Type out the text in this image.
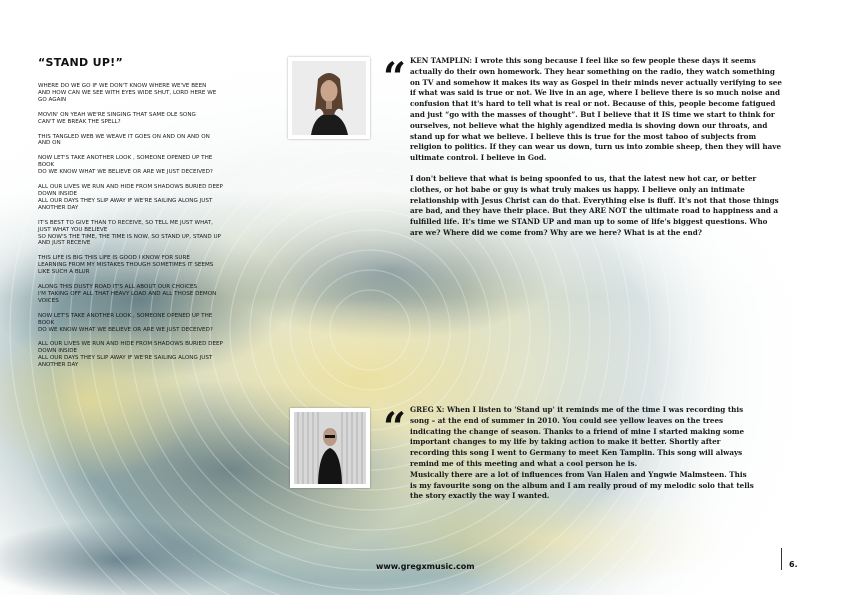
“STAND UP!”

WHERE DO WE GO IF WE DON'T KNOW WHERE WE'VE BEEN
AND HOW CAN WE SEE WITH EYES WIDE SHUT, LORD HERE WE GO AGAIN

MOVIN' ON YEAH WE'RE SINGING THAT SAME OLE SONG
CAN'T WE BREAK THE SPELL?

THIS TANGLED WEB WE WEAVE IT GOES ON AND ON AND ON AND ON

NOW LET'S TAKE ANOTHER LOOK , SOMEONE OPENED UP THE BOOK
DO WE KNOW WHAT WE BELIEVE OR ARE WE JUST DECEIVED?

ALL OUR LIVES WE RUN AND HIDE FROM SHADOWS BURIED DEEP DOWN INSIDE
ALL OUR DAYS THEY SLIP AWAY IF WE'RE SAILING ALONG JUST ANOTHER DAY

IT'S BEST TO GIVE THAN TO RECEIVE, SO TELL ME JUST WHAT, JUST WHAT YOU BELIEVE
SO NOW'S THE TIME, THE TIME IS NOW, SO STAND UP, STAND UP AND JUST RECEIVE

THIS LIFE IS BIG THIS LIFE IS GOOD I KNOW FOR SURE
LEARNING FROM MY MISTAKES THOUGH SOMETIMES IT SEEMS LIKE SUCH A BLUR

ALONG THIS DUSTY ROAD IT'S ALL ABOUT OUR CHOICES
I'M TAKING OFF ALL THAT HEAVY LOAD AND ALL THOSE DEMON VOICES

NOW LET'S TAKE ANOTHER LOOK , SOMEONE OPENED UP THE BOOK
DO WE KNOW WHAT WE BELIEVE OR ARE WE JUST DECEIVED?

ALL OUR LIVES WE RUN AND HIDE FROM SHADOWS BURIED DEEP DOWN INSIDE
ALL OUR DAYS THEY SLIP AWAY IF WE'RE SAILING ALONG JUST ANOTHER DAY

“ KEN TAMPLIN: I wrote this song because I feel like so few people these days it seems actually do their own homework. They hear something on the radio, they watch something on TV and somehow it makes its way as Gospel in their minds never actually verifying to see if what was said is true or not. We live in an age, where I believe there is so much noise and confusion that it's hard to tell what is real or not. Because of this, people become fatigued and just “go with the masses of thought”. But I believe that it IS time we start to think for ourselves, not believe what the highly agendized media is shoving down our throats, and stand up for what we believe. I believe this is true for the most taboo of subjects from religion to politics. If they can wear us down, turn us into zombie sheep, then they will have ultimate control. I believe in God.

I don't believe that what is being spoonfed to us, that the latest new hot car, or better clothes, or hot babe or guy is what truly makes us happy. I believe only an intimate relationship with Jesus Christ can do that. Everything else is fluff. It's not that those things are bad, and they have their place. But they ARE NOT the ultimate road to happiness and a fulfilled life. It's time we STAND UP and man up to some of life's biggest questions. Who are we? Where did we come from? Why are we here? What is at the end?

“ GREG X: When I listen to 'Stand up' it reminds me of the time I was recording this song – at the end of summer in 2010. You could see yellow leaves on the trees indicating the change of season. Thanks to a friend of mine I started making some important changes to my life by taking action to make it better. Shortly after recording this song I went to Germany to meet Ken Tamplin. This song will always remind me of this meeting and what a cool person he is.

Musically there are a lot of influences from Van Halen and Yngwie Malmsteen. This is my favourite song on the album and I am really proud of my melodic solo that tells the story exactly the way I wanted.

www.gregxmusic.com	6.
